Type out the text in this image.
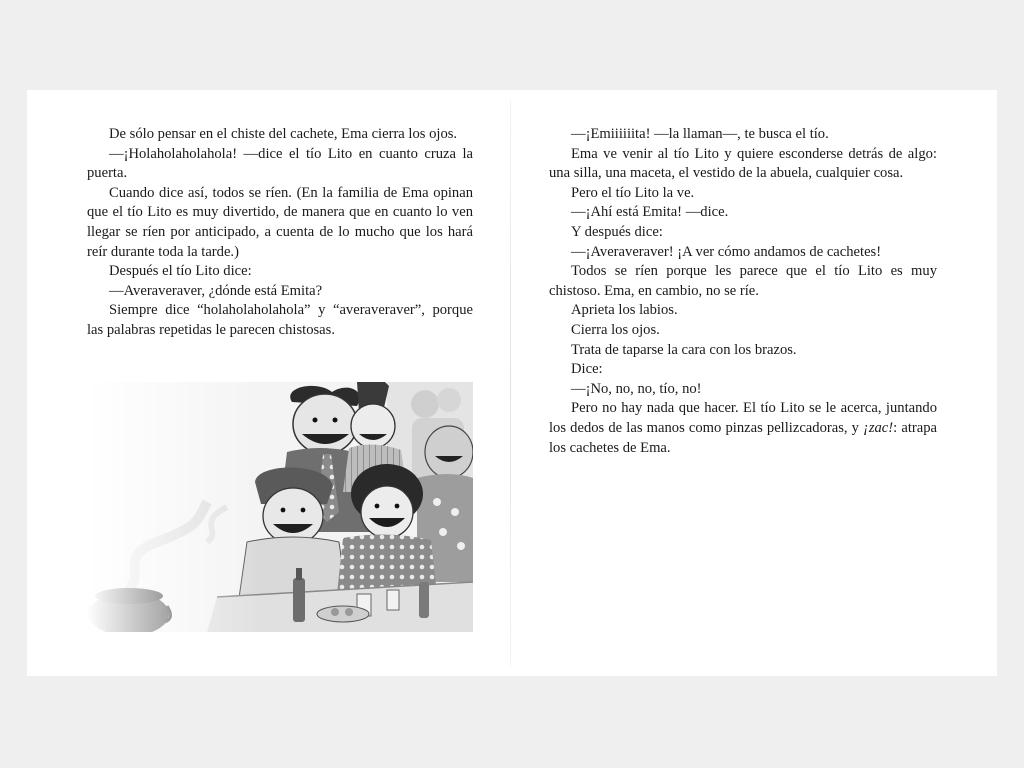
De sólo pensar en el chiste del cachete, Ema cierra los ojos.

—¡Holaholaholahola! —dice el tío Lito en cuanto cruza la puerta.

Cuando dice así, todos se ríen. (En la familia de Ema opinan que el tío Lito es muy divertido, de manera que en cuanto lo ven llegar se ríen por anticipado, a cuenta de lo mucho que los hará reír durante toda la tarde.)

Después el tío Lito dice:

—Averaveraver, ¿dónde está Emita?

Siempre dice “holaholaholahola” y “averaveraver”, porque las palabras repetidas le parecen chistosas.

—¡Emiiiiiita! —la llaman—, te busca el tío.

Ema ve venir al tío Lito y quiere esconderse detrás de algo: una silla, una maceta, el vestido de la abuela, cualquier cosa.

Pero el tío Lito la ve.

—¡Ahí está Emita! —dice.

Y después dice:

—¡Averaveraver! ¡A ver cómo andamos de cachetes!

Todos se ríen porque les parece que el tío Lito es muy chistoso. Ema, en cambio, no se ríe.

Aprieta los labios.

Cierra los ojos.

Trata de taparse la cara con los brazos.

Dice:

—¡No, no, no, tío, no!

Pero no hay nada que hacer. El tío Lito se le acerca, juntando los dedos de las manos como pinzas pellizcadoras, y ¡zac!: atrapa los cachetes de Ema.
